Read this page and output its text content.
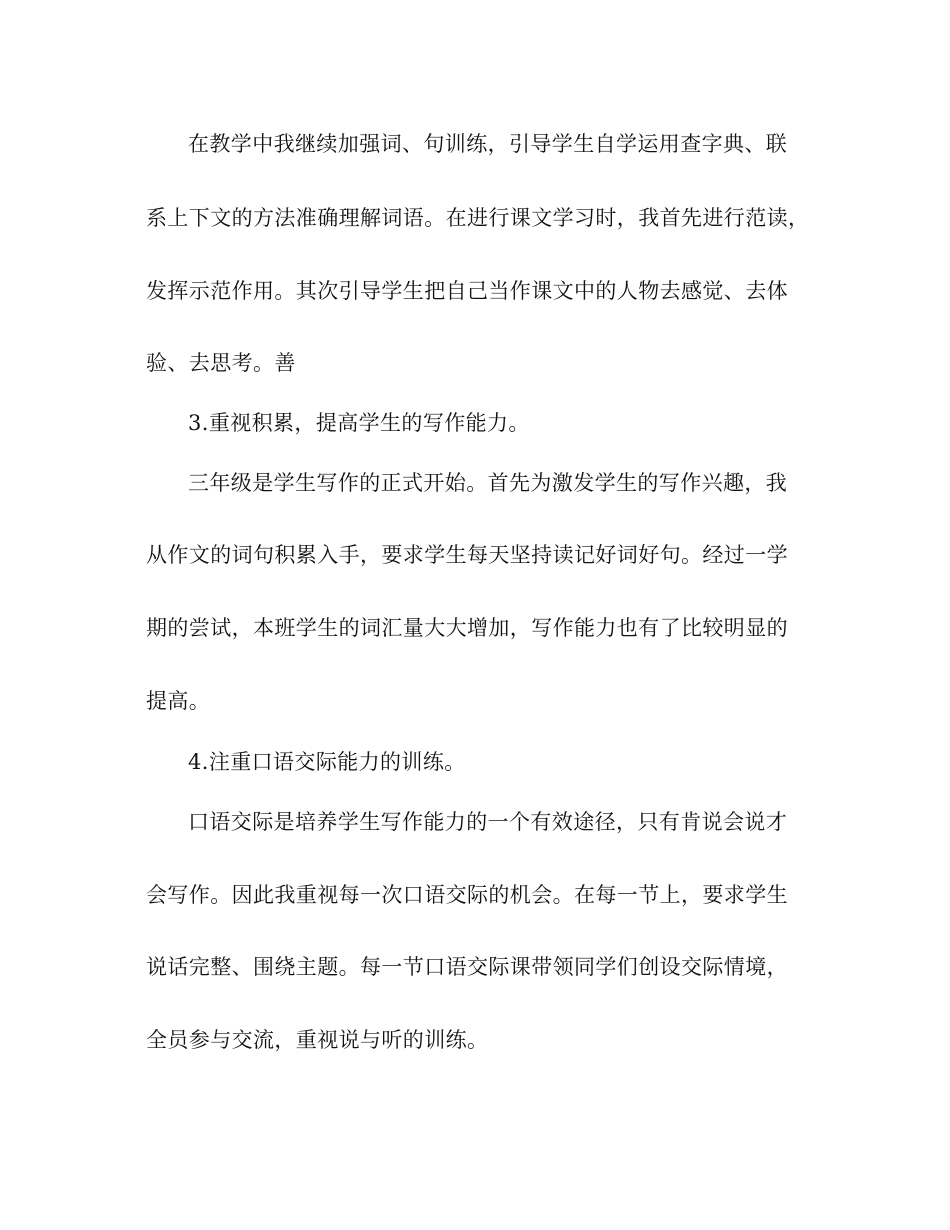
在教学中我继续加强词、句训练，引导学生自学运用查字典、联
系上下文的方法准确理解词语。在进行课文学习时，我首先进行范读，
发挥示范作用。其次引导学生把自己当作课文中的人物去感觉、去体
验、去思考。善
3.重视积累，提高学生的写作能力。
三年级是学生写作的正式开始。首先为激发学生的写作兴趣，我
从作文的词句积累入手，要求学生每天坚持读记好词好句。经过一学
期的尝试，本班学生的词汇量大大增加，写作能力也有了比较明显的
提高。
4.注重口语交际能力的训练。
口语交际是培养学生写作能力的一个有效途径，只有肯说会说才
会写作。因此我重视每一次口语交际的机会。在每一节上，要求学生
说话完整、围绕主题。每一节口语交际课带领同学们创设交际情境，
全员参与交流，重视说与听的训练。
